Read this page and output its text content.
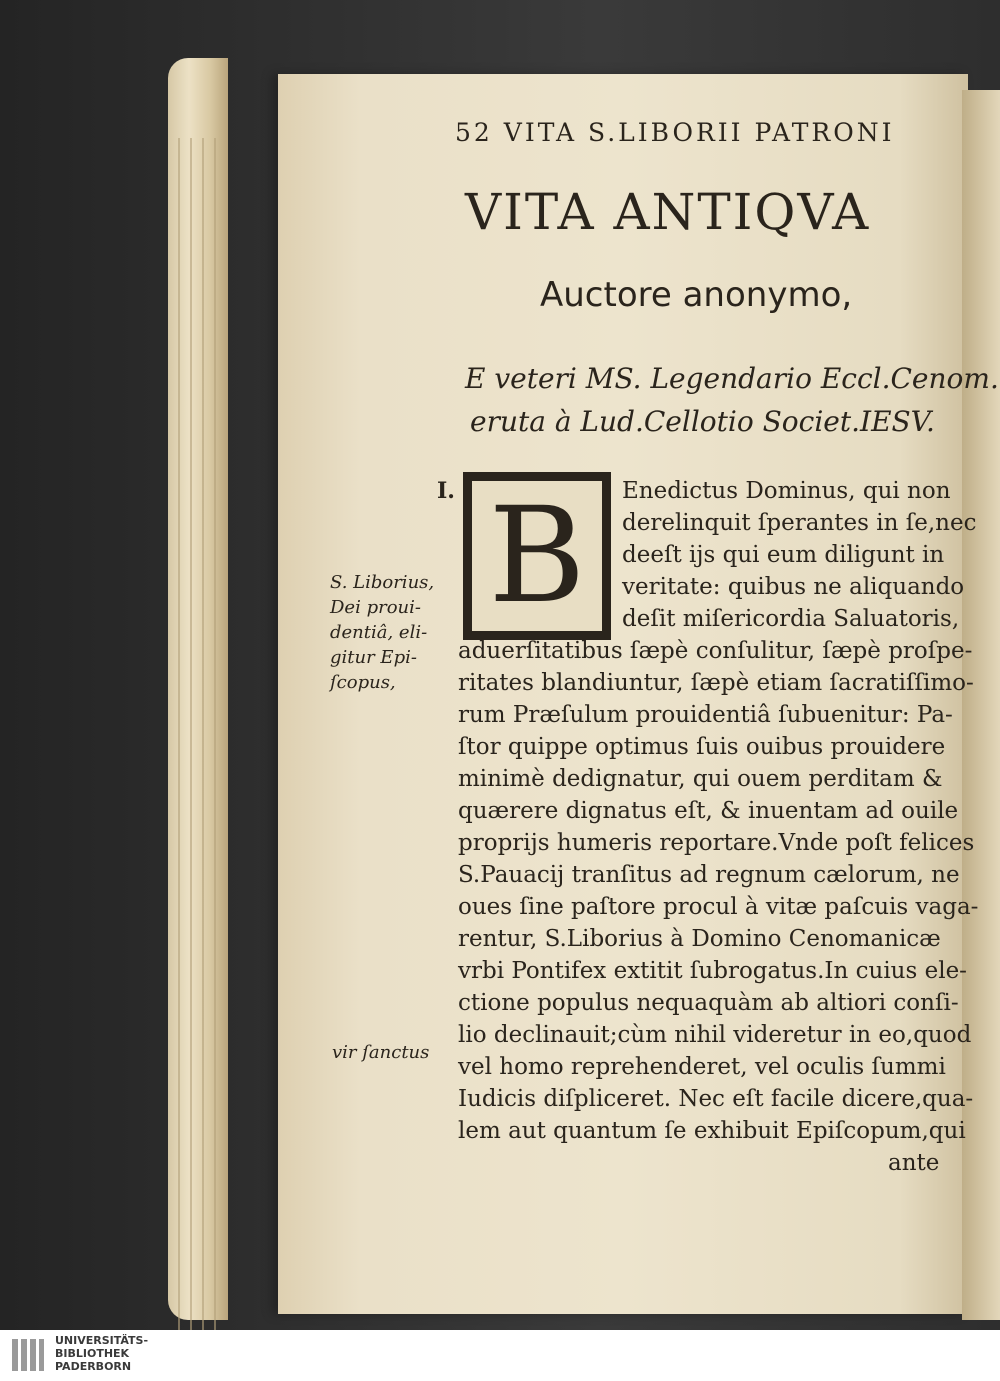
52 VITA S.LIBORII PATRONI
VITA ANTIQVA
Auctore anonymo,
E veteri MS. Legendario Eccl.Cenom.
eruta à Lud.Cellotio Societ.IESV.
I. B Enedictus Dominus, qui non
derelinquit ſperantes in ſe,nec
deeſt ijs qui eum diligunt in
veritate: quibus ne aliquando
deſit miſericordia Saluatoris,
aduerſitatibus ſæpè conſulitur, ſæpè proſpe-
ritates blandiuntur, ſæpè etiam ſacratiſſimo-
rum Præſulum prouidentiâ ſubuenitur: Pa-
ſtor quippe optimus ſuis ouibus prouidere
minimè dedignatur, qui ouem perditam &
quærere dignatus eſt, & inuentam ad ouile
proprijs humeris reportare.Vnde poſt felices
S.Pauacij tranſitus ad regnum cælorum, ne
oues ſine paſtore procul à vitæ paſcuis vaga-
rentur, S.Liborius à Domino Cenomanicæ
vrbi Pontifex extitit ſubrogatus.In cuius ele-
ctione populus nequaquàm ab altiori conſi-
lio declinauit;cùm nihil videretur in eo,quod
vel homo reprehenderet, vel oculis ſummi
Iudicis diſpliceret. Nec eſt facile dicere,qua-
lem aut quantum ſe exhibuit Epiſcopum,qui
ante
S. Liborius,
Dei proui-
dentiâ, eli-
gitur Epi-
ſcopus,
vir ſanctus
UNIVERSITÄTS-
BIBLIOTHEK
PADERBORN
